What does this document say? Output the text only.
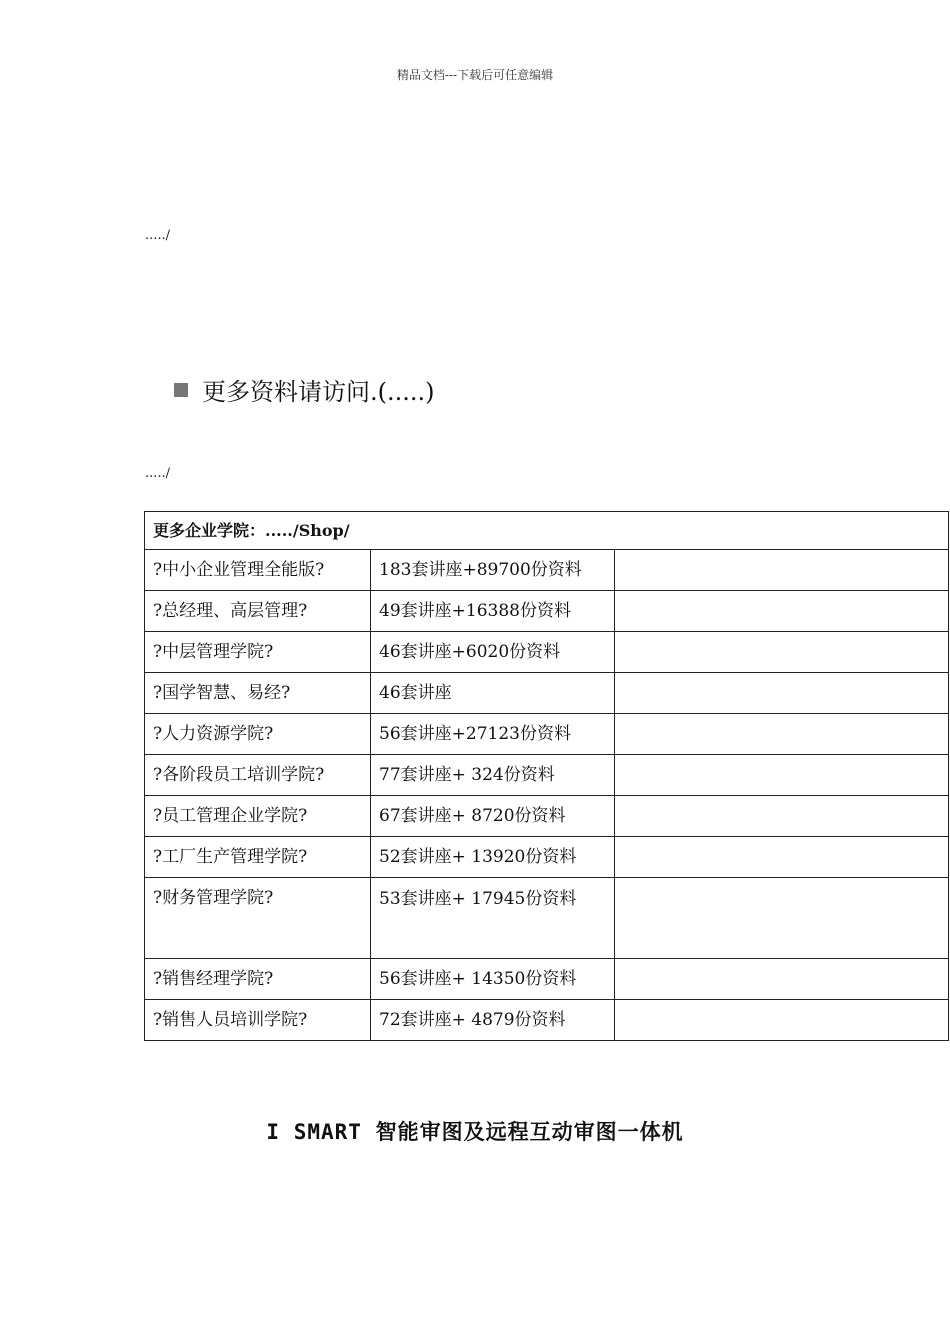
精品文档---下载后可任意编辑
...../
更多资料请访问.(.....)
...../
更多企业学院：...../Shop/		
?中小企业管理全能版?	183套讲座+89700份资料	
?总经理、高层管理?	49套讲座+16388份资料	
?中层管理学院?	46套讲座+6020份资料	
?国学智慧、易经?	46套讲座	
?人力资源学院?	56套讲座+27123份资料	
?各阶段员工培训学院?	77套讲座+ 324份资料	
?员工管理企业学院?	67套讲座+ 8720份资料	
?工厂生产管理学院?	52套讲座+ 13920份资料	
?财务管理学院?	53套讲座+ 17945份资料	
?销售经理学院?	56套讲座+ 14350份资料	
?销售人员培训学院?	72套讲座+ 4879份资料	
I SMART 智能审图及远程互动审图一体机
